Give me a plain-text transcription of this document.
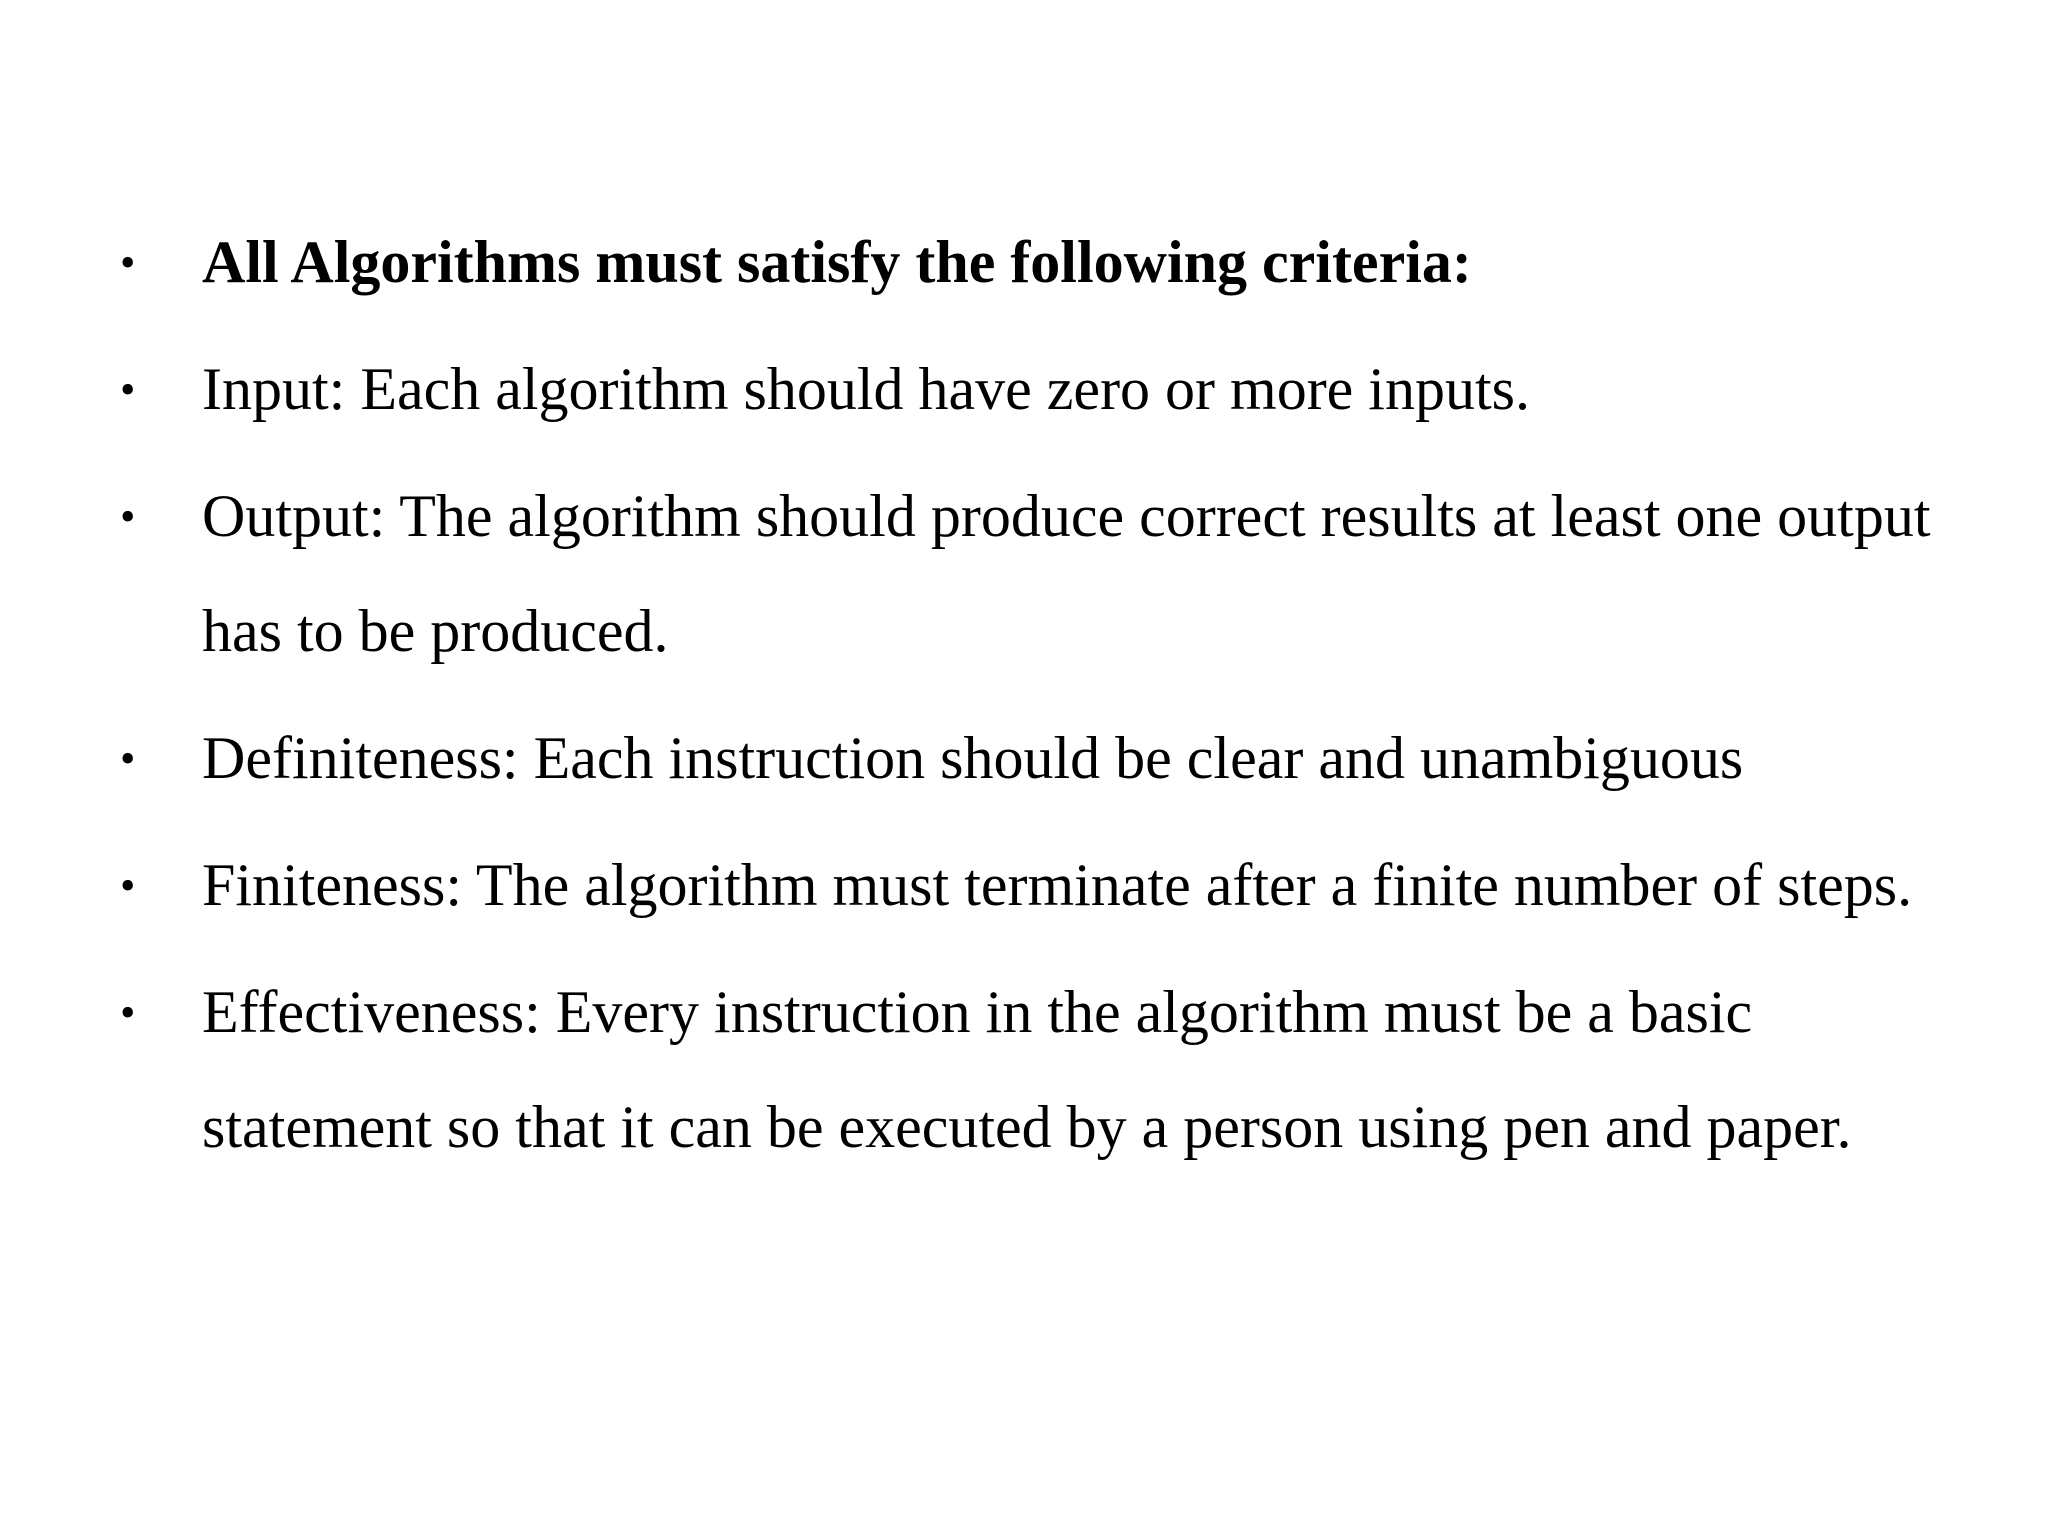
•	All Algorithms must satisfy the following criteria:
•	Input: Each algorithm should have zero or more inputs.
•	Output: The algorithm should produce correct results at least one output has to be produced.
•	Definiteness: Each instruction should be clear and unambiguous
•	Finiteness: The algorithm must terminate after a finite number of steps.
•	Effectiveness: Every instruction in the algorithm must be a basic statement so that it can be executed by a person using pen and paper.
